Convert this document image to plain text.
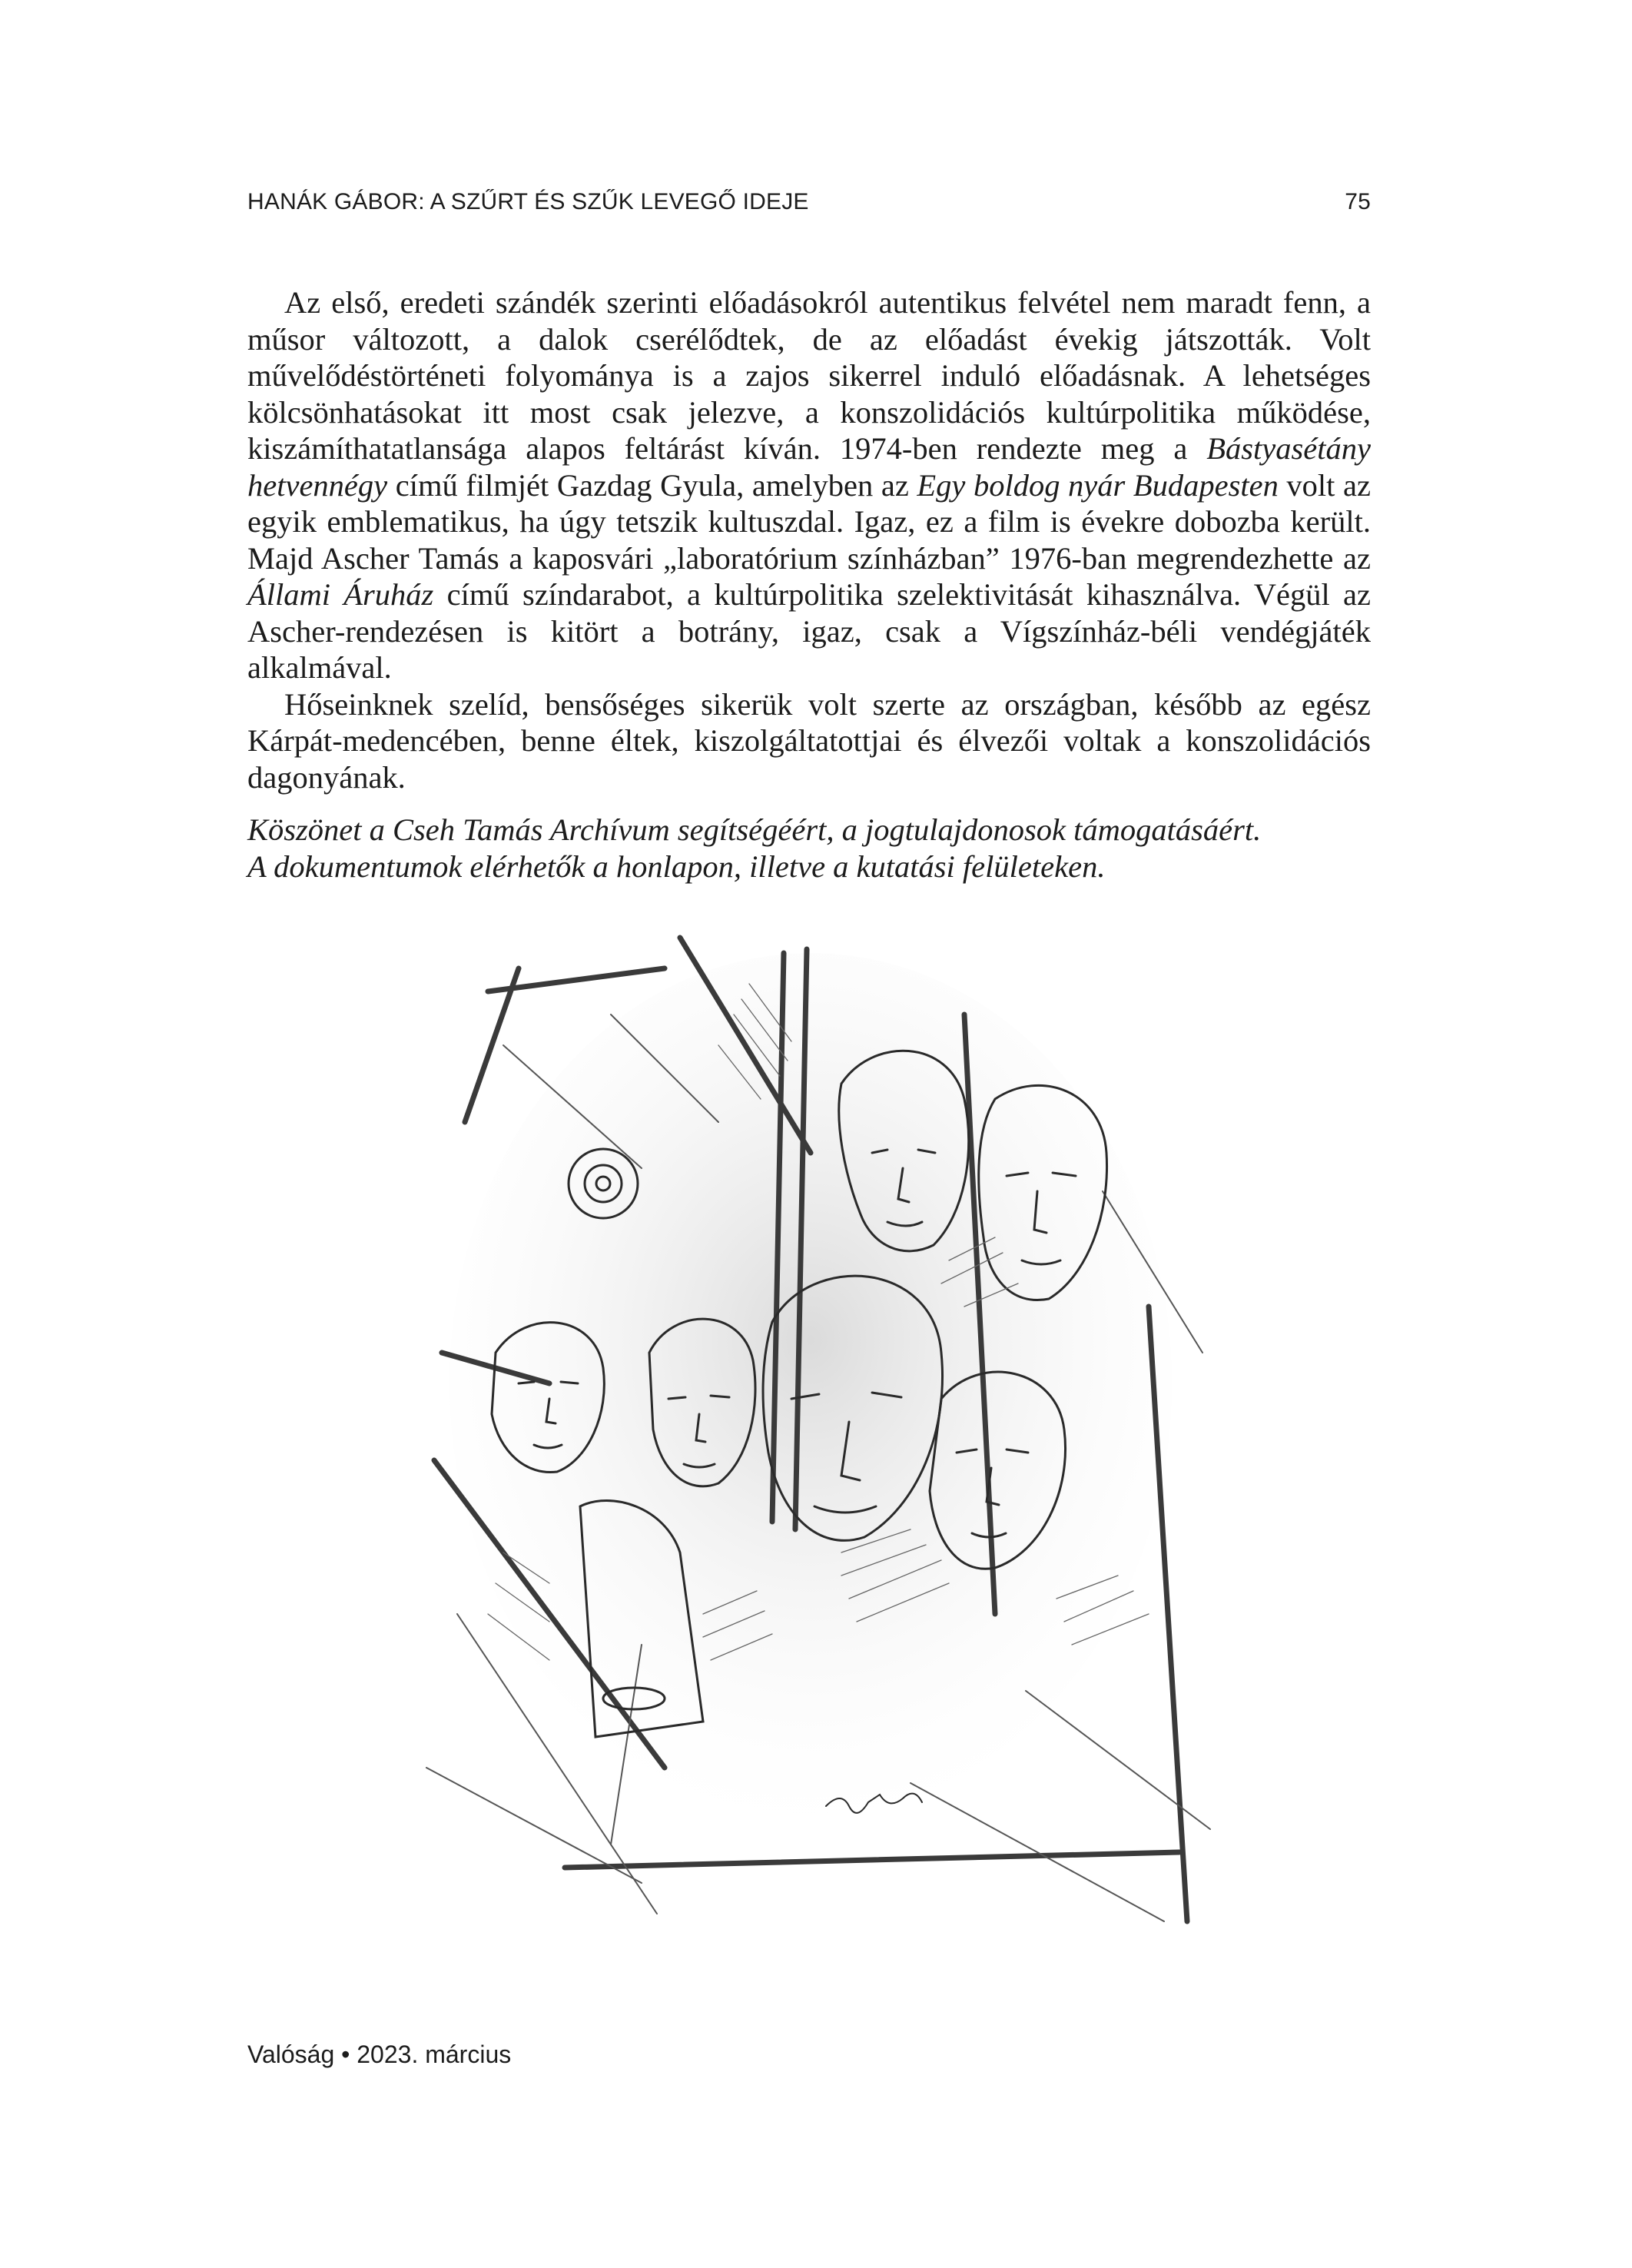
HANÁK GÁBOR: A SZŰRT ÉS SZŰK LEVEGŐ IDEJE	75

Az első, eredeti szándék szerinti előadásokról autentikus felvétel nem maradt fenn, a műsor változott, a dalok cserélődtek, de az előadást évekig játszották. Volt művelődéstörténeti folyománya is a zajos sikerrel induló előadásnak. A lehetséges kölcsönhatásokat itt most csak jelezve, a konszolidációs kultúrpolitika működése, kiszámíthatatlansága alapos feltárást kíván. 1974-ben rendezte meg a Bástyasétány hetvennégy című filmjét Gazdag Gyula, amelyben az Egy boldog nyár Budapesten volt az egyik emblematikus, ha úgy tetszik kultuszdal. Igaz, ez a film is évekre dobozba került. Majd Ascher Tamás a kaposvári „laboratórium színházban” 1976-ban megrendezhette az Állami Áruház című színdarabot, a kultúrpolitika szelektivitását kihasználva. Végül az Ascher-rendezésen is kitört a botrány, igaz, csak a Vígszínház-béli vendégjáték alkalmával.

Hőseinknek szelíd, bensőséges sikerük volt szerte az országban, később az egész Kárpát-medencében, benne éltek, kiszolgáltatottjai és élvezői voltak a konszolidációs dagonyának.

Köszönet a Cseh Tamás Archívum segítségéért, a jogtulajdonosok támogatásáért.
A dokumentumok elérhetők a honlapon, illetve a kutatási felületeken.
Valóság • 2023. március
